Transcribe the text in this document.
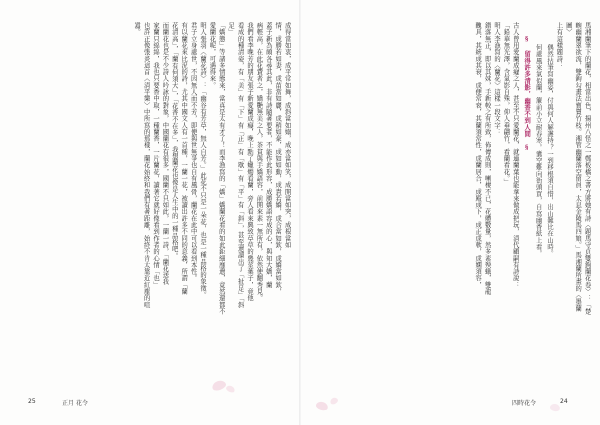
成得當如衷，成平常如舞，成斜當如嫋，成亦當如笑，成開當如突，成根當如
情，成勝若如妻，成苗當如麗，成稍如豪，成如如動，成貴若嬌，成合當如欽，成嬌當如欽，
蓋子新為頗各尋其此，非有詩隨著要者，不能作此形容，成勝嬌語容成的心，與知大嬌，蘭
病輕高，在此花費者之，嬌艷無美之人，茶貧與手嬌語容，前開來素一無所有，依然使翻秀見。
我們看李晚芳的朋友張子新愛蘭成癡，晚上點了蠟燭看蘭，旁人看來興致草草的幾莖葉子，竟他
看成的種清姿，有「美」有「下」有「正」有「歇」有「平」有「斜」，甚至還讀出了「扯足」「斜
足」
「嬌態」等諸多情態來，當真是太有才了！而李漁寫的「嬌」嬌蘭花看的如此鉅細靡遺，竟然還都不
愛蘭花呢，可遇得來。
明人張羽〈蘭花詩〉：「幽谷有芳草，無人自芳。」此花不只是一朵花，也是一種品格的象徵。
君子立身處世，不因無人而不芳，即便與世無爭也自有風骨，蘭花在此中可以看到本性。
有以蘭花來比況的詩，尤其中國文人有一首種，一蘭一花，被讀出許多不同的意義，所謂「蘭
花清高」，「蘭有何須大」，「花香不在多」，我想蘭花也像是人生中的一種品格吧。
而蘭花也是不少詩人吟詠的對象，中國蘭花有很多，國蘭不只如此，一蘭一詩，「蘭花送我
家蘭只綿綿，我也只要香中取，一種蘭香，一片蘭花，讀著它就好像看到作者的心情「也」
也許正像張炎這首〈清平樂〉中所寫的那樣，蘭花始終和我們有著距離，始終不肯太靠近紅塵的喧
囂。	馬湘蘭筆下的蘭花，相當出色，揚州八怪之一鄭板橋之書方將她有詩〈題馬守貞雙鉤蘭花卷〉：「楚
畹幽蘭翠欲流，雙鉤勾畫法寶賣竹枝。湘管幽蘭落空留員，太息金陵馬四娘。」馬湘蘭所畫的〈墨蘭
圖〉
上有這樣題詩：
偶然拈筆寫幽姿，付與何人解護持？一到移根須自惜，出山難比在山時。
何處風來氣似蘭，簾前小立耐春寒。囊空難向街頭買，自寫幽香紙上看。
§ 留得許多清影，幽香不到人間 §
古人曾用愛蘭成癡之人，甚至不只愛蘭花，就連蘭葉也能拿來做成把玩，清代顧嗣有詩說：
「鉛華無光澤，含氣影自殊，仰人垂翩竹，看蘭看花。」
明人李漁寫的〈蘭花〉這樣一段文字：
錯落無正，即以其妹，手新較之有所致，佈傳成則，喇棲不已，花體數量，然多素殃蛾，雙龍
醜具，其統成其衰，成便常衰，其蘭須常性，成蘭居合，成殿成下，成正成軟，成嫻須容，
25	正月 花令	四時花令	24
